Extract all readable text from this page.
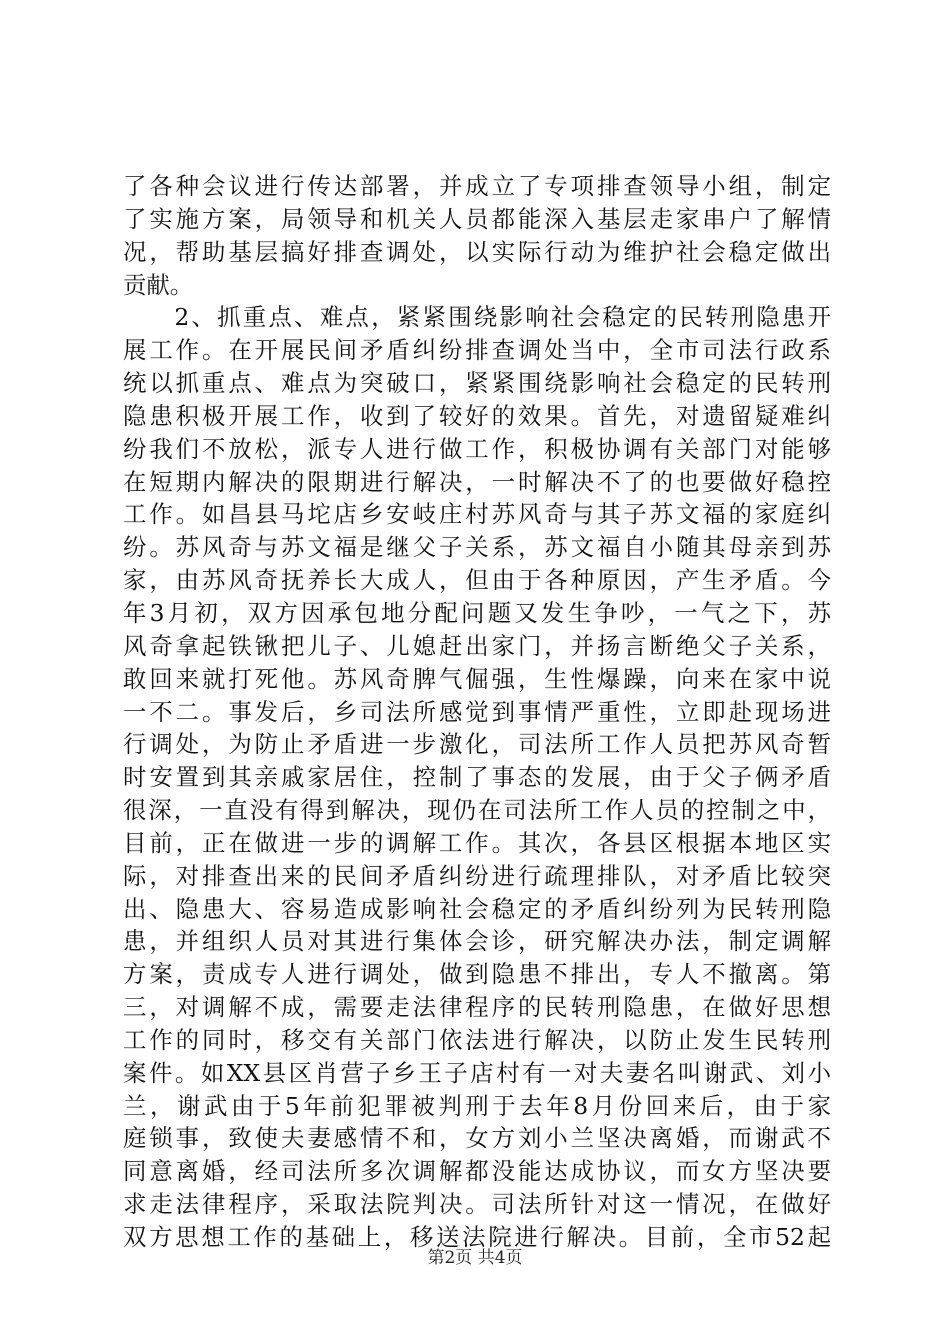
了各种会议进行传达部署，并成立了专项排查领导小组，制定
了实施方案，局领导和机关人员都能深入基层走家串户了解情
况，帮助基层搞好排查调处，以实际行动为维护社会稳定做出
贡献。
　　2、抓重点、难点，紧紧围绕影响社会稳定的民转刑隐患开
展工作。在开展民间矛盾纠纷排查调处当中，全市司法行政系
统以抓重点、难点为突破口，紧紧围绕影响社会稳定的民转刑
隐患积极开展工作，收到了较好的效果。首先，对遗留疑难纠
纷我们不放松，派专人进行做工作，积极协调有关部门对能够
在短期内解决的限期进行解决，一时解决不了的也要做好稳控
工作。如昌县马坨店乡安岐庄村苏风奇与其子苏文福的家庭纠
纷。苏风奇与苏文福是继父子关系，苏文福自小随其母亲到苏
家，由苏风奇抚养长大成人，但由于各种原因，产生矛盾。今
年3月初，双方因承包地分配问题又发生争吵，一气之下，苏
风奇拿起铁锹把儿子、儿媳赶出家门，并扬言断绝父子关系，
敢回来就打死他。苏风奇脾气倔强，生性爆躁，向来在家中说
一不二。事发后，乡司法所感觉到事情严重性，立即赴现场进
行调处，为防止矛盾进一步激化，司法所工作人员把苏风奇暂
时安置到其亲戚家居住，控制了事态的发展，由于父子俩矛盾
很深，一直没有得到解决，现仍在司法所工作人员的控制之中，
目前，正在做进一步的调解工作。其次，各县区根据本地区实
际，对排查出来的民间矛盾纠纷进行疏理排队，对矛盾比较突
出、隐患大、容易造成影响社会稳定的矛盾纠纷列为民转刑隐
患，并组织人员对其进行集体会诊，研究解决办法，制定调解
方案，责成专人进行调处，做到隐患不排出，专人不撤离。第
三，对调解不成，需要走法律程序的民转刑隐患，在做好思想
工作的同时，移交有关部门依法进行解决，以防止发生民转刑
案件。如XX县区肖营子乡王子店村有一对夫妻名叫谢武、刘小
兰，谢武由于5年前犯罪被判刑于去年8月份回来后，由于家
庭锁事，致使夫妻感情不和，女方刘小兰坚决离婚，而谢武不
同意离婚，经司法所多次调解都没能达成协议，而女方坚决要
求走法律程序，采取法院判决。司法所针对这一情况，在做好
双方思想工作的基础上，移送法院进行解决。目前，全市52起
第2页 共4页
